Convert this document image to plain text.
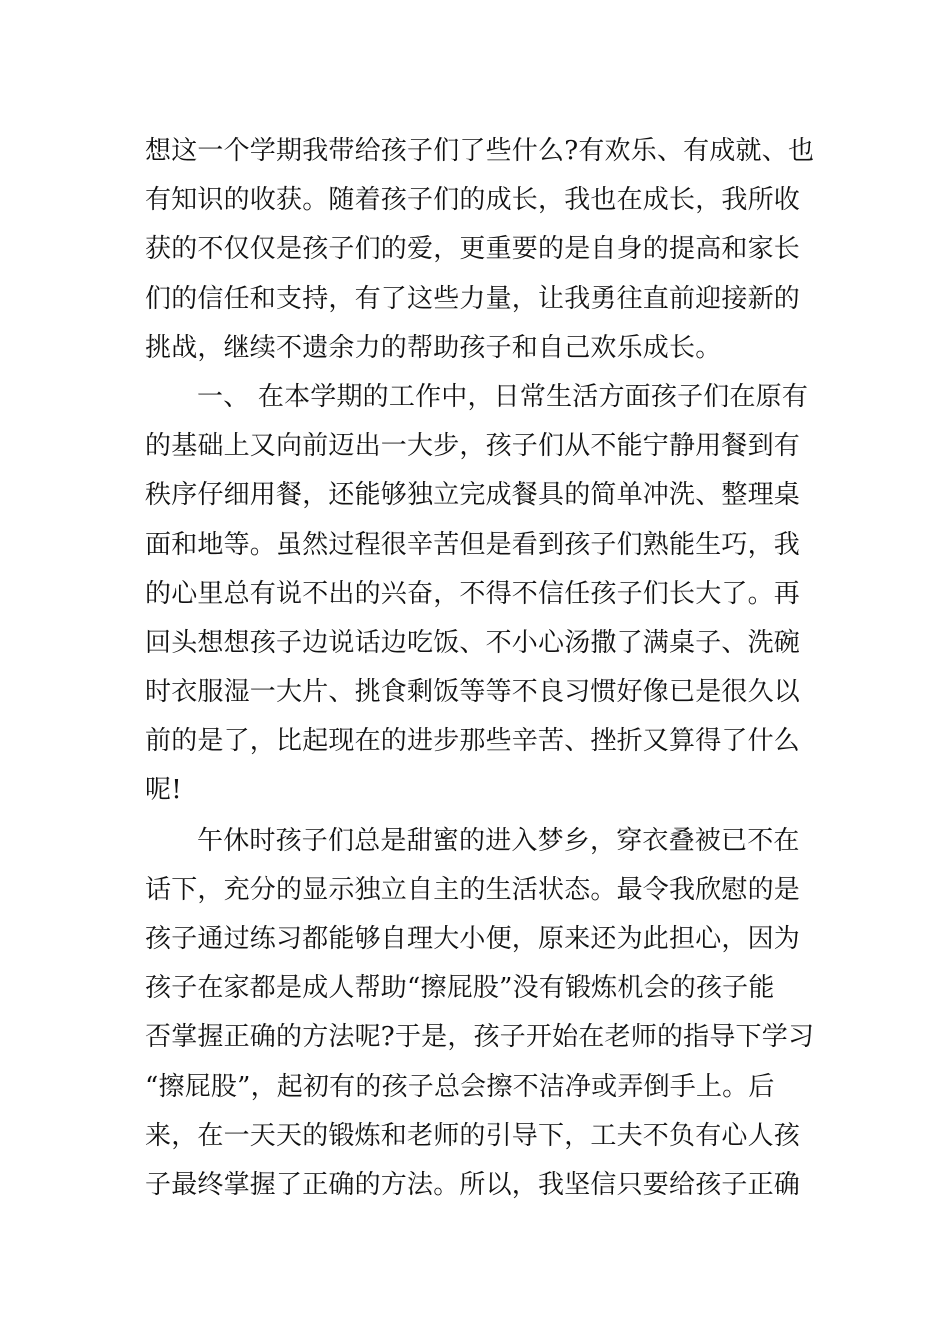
想这一个学期我带给孩子们了些什么?有欢乐、有成就、也
有知识的收获。随着孩子们的成长，我也在成长，我所收
获的不仅仅是孩子们的爱，更重要的是自身的提高和家长
们的信任和支持，有了这些力量，让我勇往直前迎接新的
挑战，继续不遗余力的帮助孩子和自己欢乐成长。
一、 在本学期的工作中，日常生活方面孩子们在原有
的基础上又向前迈出一大步，孩子们从不能宁静用餐到有
秩序仔细用餐，还能够独立完成餐具的简单冲洗、整理桌
面和地等。虽然过程很辛苦但是看到孩子们熟能生巧，我
的心里总有说不出的兴奋，不得不信任孩子们长大了。再
回头想想孩子边说话边吃饭、不小心汤撒了满桌子、洗碗
时衣服湿一大片、挑食剩饭等等不良习惯好像已是很久以
前的是了，比起现在的进步那些辛苦、挫折又算得了什么
呢!
午休时孩子们总是甜蜜的进入梦乡，穿衣叠被已不在
话下，充分的显示独立自主的生活状态。最令我欣慰的是
孩子通过练习都能够自理大小便，原来还为此担心，因为
孩子在家都是成人帮助“擦屁股”没有锻炼机会的孩子能
否掌握正确的方法呢?于是，孩子开始在老师的指导下学习
“擦屁股”，起初有的孩子总会擦不洁净或弄倒手上。后
来，在一天天的锻炼和老师的引导下，工夫不负有心人孩
子最终掌握了正确的方法。所以，我坚信只要给孩子正确
